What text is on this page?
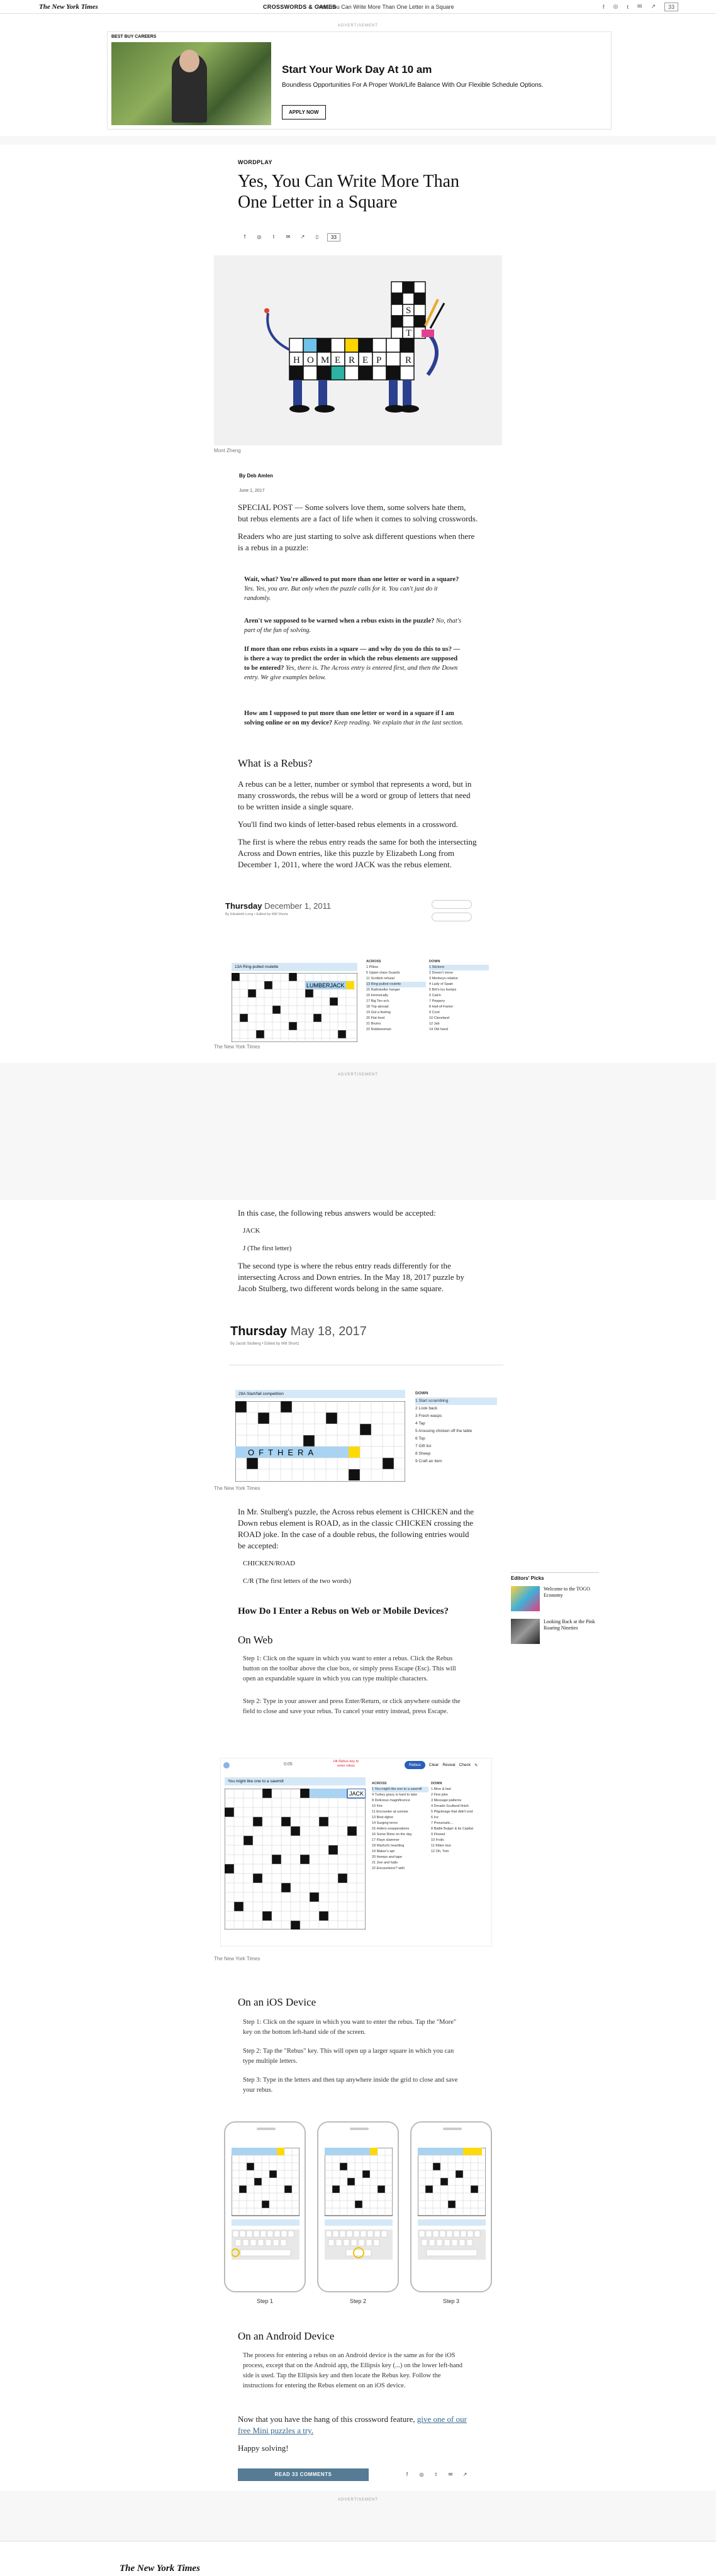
The New York Times	CROSSWORDS & GAMES
Yes, You Can Write More Than One Letter in a Square	f ◎ t ✉ ↗	33
ADVERTISEMENT
BEST BUY CAREERS
Start Your Work Day At 10 am
Boundless Opportunities For A Proper Work/Life Balance With Our Flexible Schedule Options.
APPLY NOW
WORDPLAY
Yes, You Can Write More Than One Letter in a Square
f	◎	t	✉	↗	▯	33
H O M E R E P	R
O
S
T
Mont Zheng
By Deb Amlen
June 1, 2017

SPECIAL POST — Some solvers love them, some solvers hate them, but rebus elements are a fact of life when it comes to solving crosswords.

Readers who are just starting to solve ask different questions when there is a rebus in a puzzle:

Wait, what? You're allowed to put more than one letter or word in a square? Yes. Yes, you are. But only when the puzzle calls for it. You can't just do it randomly.
Aren't we supposed to be warned when a rebus exists in the puzzle? No, that's part of the fun of solving.
If more than one rebus exists in a square — and why do you do this to us? — is there a way to predict the order in which the rebus elements are supposed to be entered? Yes, there is. The Across entry is entered first, and then the Down entry. We give examples below.
How am I supposed to put more than one letter or word in a square if I am solving online or on my device? Keep reading. We explain that in the last section.
What is a Rebus?

A rebus can be a letter, number or symbol that represents a word, but in many crosswords, the rebus will be a word or group of letters that need to be written inside a single square.

You'll find two kinds of letter-based rebus elements in a crossword.

The first is where the rebus entry reads the same for both the intersecting Across and Down entries, like this puzzle by Elizabeth Long from December 1, 2011, where the word JACK was the rebus element.

Thursday December 1, 2011
By Elizabeth Long • Edited by Will Shortz
13A Ring-pulled roulette
LUMBERJACK
ACROSS
1 Pillow
5 Upper-class Guards
11 Scottish refusal
13 Ring-pulled roulette
15 Rathskeller hanger
16 Intrinsically
17 Big Ten sch.
18 Trip abroad
19 Got a feeling
20 Flat food
21 Bruins
22 Noblewoman
DOWN
1 Stickers
2 Doesn't move
3 Monkeys relative
4 Lady of Spain
5 Brit's luv bumps
6 Catch
7 Peppery
8 Hall-of-Famer
9 Cord
10 Cleveland
12 Jab
14 Old hand
The New York Times
ADVERTISEMENT

In this case, the following rebus answers would be accepted:

JACK

J (The first letter)

The second type is where the rebus entry reads differently for the intersecting Across and Down entries. In the May 18, 2017 puzzle by Jacob Stulberg, two different words belong in the same square.

Thursday May 18, 2017
By Jacob Stulberg • Edited by Will Shortz
29A Start/fall competition
OFTHERA
DOWN
1 Start scrambling
2 Look back
3 Fresh wasps
4 Tap
5 Arousing chicken off the table
6 Top
7 Gift list
8 Sheep
9 Craft an item
The New York Times

In Mr. Stulberg's puzzle, the Across rebus element is CHICKEN and the Down rebus element is ROAD, as in the classic CHICKEN crossing the ROAD joke. In the case of a double rebus, the following entries would be accepted:

CHICKEN/ROAD

C/R (The first letters of the two words)

How Do I Enter a Rebus on Web or Mobile Devices?
On Web
Step 1: Click on the square in which you want to enter a rebus. Click the Rebus button on the toolbar above the clue box, or simply press Escape (Esc). This will open an expandable square in which you can type multiple characters.
Step 2: Type in your answer and press Enter/Return, or click anywhere outside the field to close and save your rebus. To cancel your entry instead, press Escape.
Editors' Picks
Welcome to the TOGO Economy
Looking Back at the Pink Roaring Nineties
0:05
Hit Rebus key to enter rebus	Rebus	Clear Reveal Check ✎
You might like one to a sawmill
JACK
ACROSS
1 You might like one to a sawmill
4 Turkey gravy is hard to take
8 Delicious magnificence
10 Fire
11 Encounter at sunrise
13 Best dghor
14 Surging terror
15 Hiders exasperations
16 Some Rime on the day
17 Flayn slammer
18 Warhol's heartling
19 Maker's apt
20 Hemps and tape
21 Jive and hails
22 Encounterer? with
DOWN
1 Alive & fast
2 Fine joke
3 Message patterns
4 Dorado Scotland finish
5 Pilgrimage that didn't end
6 Ice
7 Pneumatic...
8 Battle Bulger & its Capital
9 Flowed
10 Frolic
11 Kitten bun
12 Oh, Tom
The New York Times
On an iOS Device
Step 1: Click on the square in which you want to enter the rebus. Tap the "More" key on the bottom left-hand side of the screen.
Step 2: Tap the "Rebus" key. This will open up a larger square in which you can type multiple letters.
Step 3: Type in the letters and then tap anywhere inside the grid to close and save your rebus.
Step 1	Step 2	Step 3
On an Android Device
The process for entering a rebus on an Android device is the same as for the iOS process, except that on the Android app, the Ellipsis key (...) on the lower left-hand side is used. Tap the Ellipsis key and then locate the Rebus key. Follow the instructions for entering the Rebus element on an iOS device.

Now that you have the hang of this crossword feature, give one of our free Mini puzzles a try.

Happy solving!

READ 33 COMMENTS	f	◎	t	✉	↗
ADVERTISEMENT
The New York Times
